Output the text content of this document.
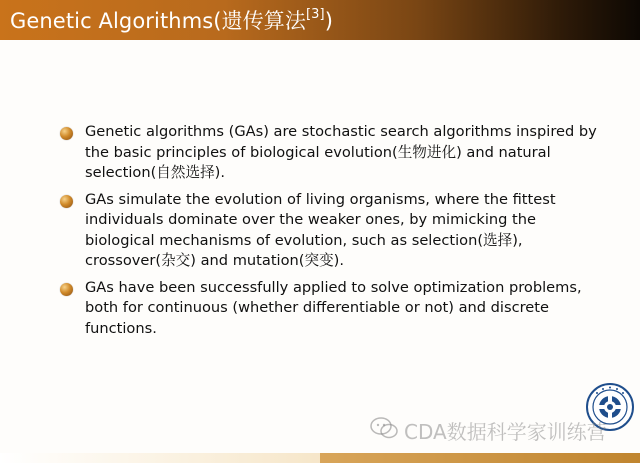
Genetic Algorithms(遗传算法[3])
Genetic algorithms (GAs) are stochastic search algorithms inspired by the basic principles of biological evolution(生物进化) and natural selection(自然选择).
GAs simulate the evolution of living organisms, where the fittest individuals dominate over the weaker ones, by mimicking the biological mechanisms of evolution, such as selection(选择), crossover(杂交) and mutation(突变).
GAs have been successfully applied to solve optimization problems, both for continuous (whether differentiable or not) and discrete functions.
CDA数据科学家训练营
